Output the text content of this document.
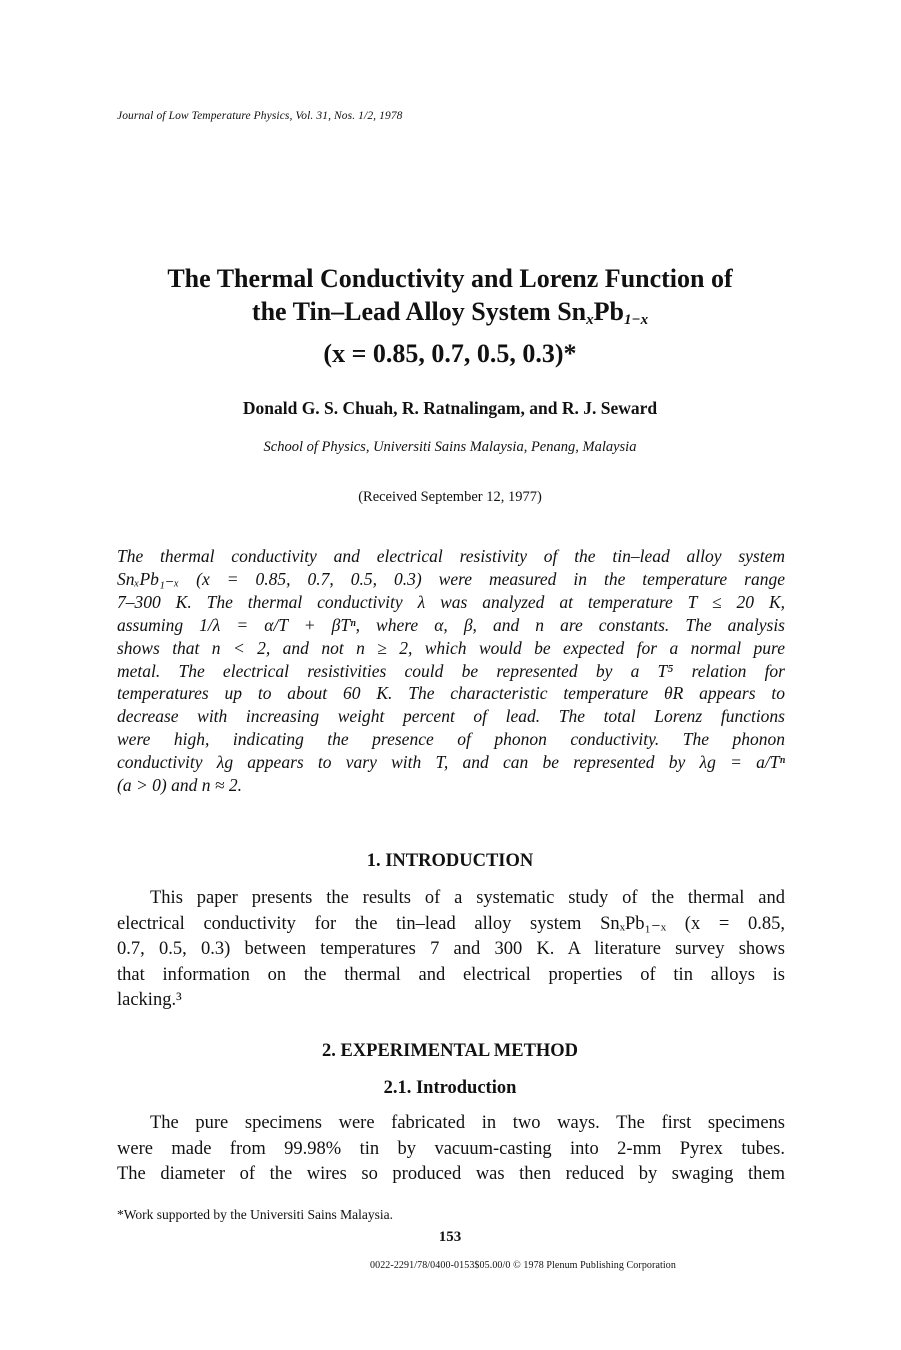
Journal of Low Temperature Physics, Vol. 31, Nos. 1/2, 1978
The Thermal Conductivity and Lorenz Function of
the Tin–Lead Alloy System $Sn_xPb_{1-x}$
(x = 0.85, 0.7, 0.5, 0.3)*
Donald G. S. Chuah, R. Ratnalingam, and R. J. Seward
School of Physics, Universiti Sains Malaysia, Penang, Malaysia
(Received September 12, 1977)
The thermal conductivity and electrical resistivity of the tin–lead alloy system
SnₓPb₁₋ₓ (x = 0.85, 0.7, 0.5, 0.3) were measured in the temperature range
7–300 K. The thermal conductivity λ was analyzed at temperature T ≤ 20 K,
assuming 1/λ = α/T + βTⁿ, where α, β, and n are constants. The analysis
shows that n < 2, and not n ≥ 2, which would be expected for a normal pure
metal. The electrical resistivities could be represented by a T⁵ relation for
temperatures up to about 60 K. The characteristic temperature θR appears to
decrease with increasing weight percent of lead. The total Lorenz functions
were high, indicating the presence of phonon conductivity. The phonon
conductivity λg appears to vary with T, and can be represented by λg = a/Tⁿ
(a > 0) and n ≈ 2.
1. INTRODUCTION
This paper presents the results of a systematic study of the thermal and
electrical conductivity for the tin–lead alloy system SnₓPb₁₋ₓ (x = 0.85,
0.7, 0.5, 0.3) between temperatures 7 and 300 K. A literature survey shows
that information on the thermal and electrical properties of tin alloys is
lacking.³
2. EXPERIMENTAL METHOD
2.1. Introduction
The pure specimens were fabricated in two ways. The first specimens
were made from 99.98% tin by vacuum-casting into 2-mm Pyrex tubes.
The diameter of the wires so produced was then reduced by swaging them
*Work supported by the Universiti Sains Malaysia.
153
0022-2291/78/0400-0153$05.00/0 © 1978 Plenum Publishing Corporation
